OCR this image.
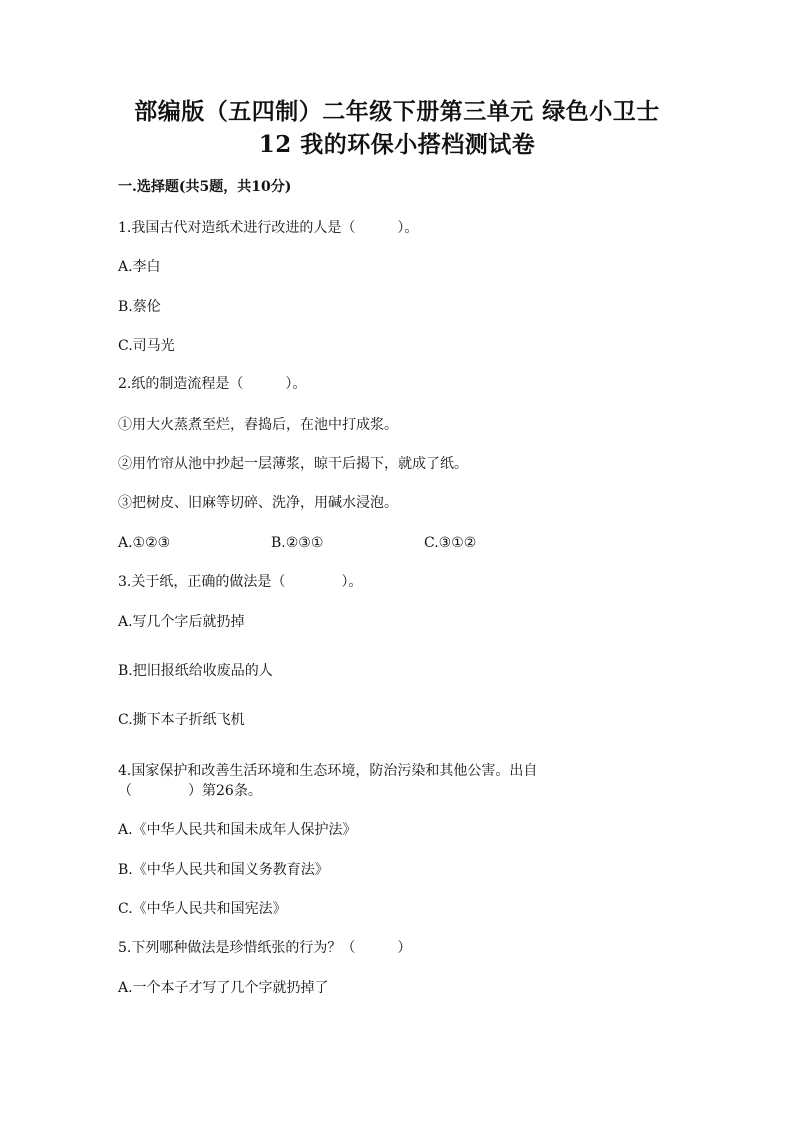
部编版（五四制）二年级下册第三单元 绿色小卫士
12 我的环保小搭档测试卷
一.选择题(共5题，共10分)
1.我国古代对造纸术进行改进的人是（　　　）。
A.李白
B.蔡伦
C.司马光
2.纸的制造流程是（　　　）。
①用大火蒸煮至烂，舂捣后，在池中打成浆。
②用竹帘从池中抄起一层薄浆，晾干后揭下，就成了纸。
③把树皮、旧麻等切碎、洗净，用碱水浸泡。
A.①②③	B.②③①	C.③①②
3.关于纸，正确的做法是（　　　　）。
A.写几个字后就扔掉
B.把旧报纸给收废品的人
C.撕下本子折纸飞机
4.国家保护和改善生活环境和生态环境，防治污染和其他公害。出自
（　　　　）第26条。
A.《中华人民共和国未成年人保护法》
B.《中华人民共和国义务教育法》
C.《中华人民共和国宪法》
5.下列哪种做法是珍惜纸张的行为？（　　　）
A.一个本子才写了几个字就扔掉了
